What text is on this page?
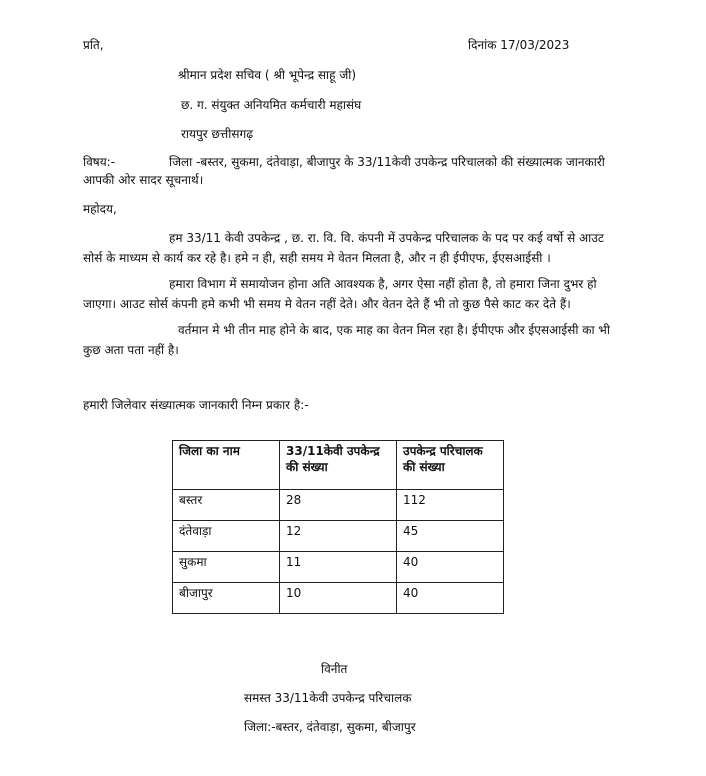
प्रति,	दिनांक 17/03/2023
श्रीमान प्रदेश सचिव ( श्री भूपेन्द्र साहू जी)
छ. ग. संयुक्त अनियमित कर्मचारी महासंघ
रायपुर छत्तीसगढ़
विषय:-	जिला -बस्तर, सुकमा, दंतेवाड़ा, बीजापुर के 33/11केवी उपकेन्द्र परिचालको की संख्यात्मक जानकारी
आपकी ओर सादर सूचनार्थ।
महोदय,
हम 33/11 केवी उपकेन्द्र , छ. रा. वि. वि. कंपनी में उपकेन्द्र परिचालक के पद पर कई वर्षो से आउट सोर्स के माध्यम से कार्य कर रहे है। हमे न ही, सही समय मे वेतन मिलता है, और न ही ईपीएफ, ईएसआईसी ।
हमारा विभाग में समायोजन होना अति आवश्यक है, अगर ऐसा नहीं होता है, तो हमारा जिना दुभर हो जाएगा। आउट सोर्स कंपनी हमे कभी भी समय मे वेतन नहीं देते। और वेतन देते हैं भी तो कुछ पैसे काट कर देते हैं।
वर्तमान मे भी तीन माह होने के बाद, एक माह का वेतन मिल रहा है। ईपीएफ और ईएसआईसी का भी कुछ अता पता नहीं है।
हमारी जिलेवार संख्यात्मक जानकारी निम्न प्रकार है:-
जिला का नाम	33/11केवी उपकेन्द्र की संख्या	उपकेन्द्र परिचालक की संख्या
बस्तर	28	112
दंतेवाड़ा	12	45
सुकमा	11	40
बीजापुर	10	40
विनीत
समस्त 33/11केवी उपकेन्द्र परिचालक
जिला:-बस्तर, दंतेवाड़ा, सुकमा, बीजापुर
